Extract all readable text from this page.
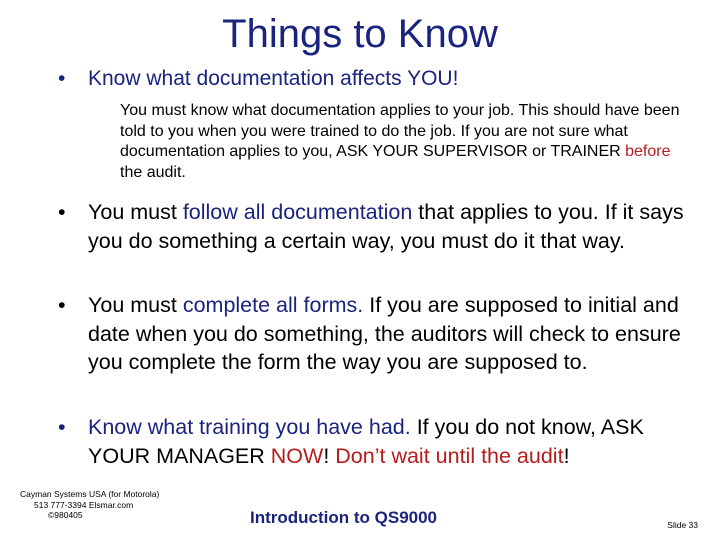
Things to Know
•	Know what documentation affects YOU!
You must know what documentation applies to your job. This should have been told to you when you were trained to do the job. If you are not sure what documentation applies to you, ASK YOUR SUPERVISOR or TRAINER before the audit.
•	You must follow all documentation that applies to you. If it says you do something a certain way, you must do it that way.
•	You must complete all forms. If you are supposed to initial and date when you do something, the auditors will check to ensure you complete the form the way you are supposed to.
•	Know what training you have had. If you do not know, ASK YOUR MANAGER NOW! Don’t wait until the audit!
Cayman Systems USA (for Motorola)
513 777-3394 Elsmar.com
©980405	Introduction to QS9000	Slide 33
